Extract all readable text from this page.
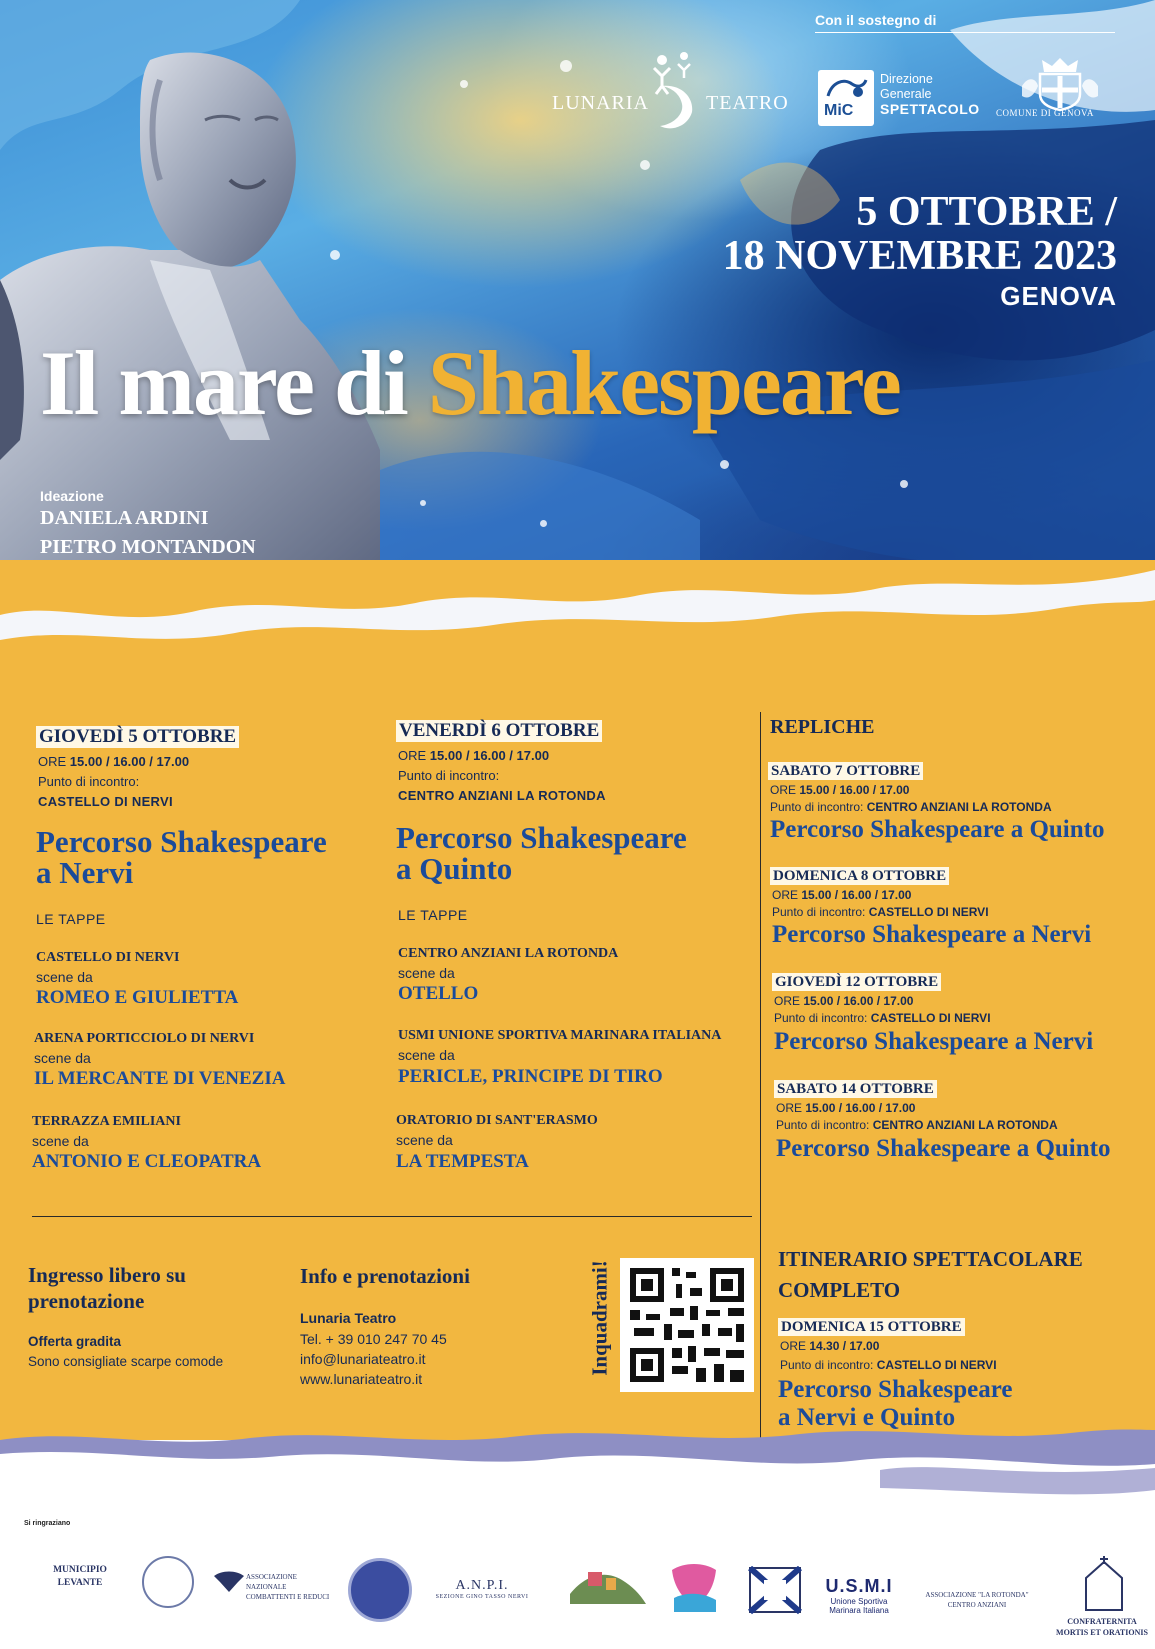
Con il sostegno di
LUNARIA	TEATRO MiC
Direzione
Generale
SPETTACOLO COMUNE DI GENOVA
5 OTTOBRE /
18 NOVEMBRE 2023
GENOVA
Il mare di Shakespeare
Ideazione
DANIELA ARDINI
PIETRO MONTANDON
GIOVEDÌ 5 OTTOBRE
ORE 15.00 / 16.00 / 17.00
Punto di incontro:
CASTELLO DI NERVI
Percorso Shakespeare
a Nervi
LE TAPPE
CASTELLO DI NERVI
scene da
ROMEO E GIULIETTA
ARENA PORTICCIOLO DI NERVI
scene da
IL MERCANTE DI VENEZIA
TERRAZZA EMILIANI
scene da
ANTONIO E CLEOPATRA
VENERDÌ 6 OTTOBRE
ORE 15.00 / 16.00 / 17.00
Punto di incontro:
CENTRO ANZIANI LA ROTONDA
Percorso Shakespeare
a Quinto
LE TAPPE
CENTRO ANZIANI LA ROTONDA
scene da
OTELLO
USMI UNIONE SPORTIVA MARINARA ITALIANA
scene da
PERICLE, PRINCIPE DI TIRO
ORATORIO DI SANT'ERASMO
scene da
LA TEMPESTA
REPLICHE
SABATO 7 OTTOBRE
ORE 15.00 / 16.00 / 17.00
Punto di incontro: CENTRO ANZIANI LA ROTONDA
Percorso Shakespeare a Quinto
DOMENICA 8 OTTOBRE
ORE 15.00 / 16.00 / 17.00
Punto di incontro: CASTELLO DI NERVI
Percorso Shakespeare a Nervi
GIOVEDÌ 12 OTTOBRE
ORE 15.00 / 16.00 / 17.00
Punto di incontro: CASTELLO DI NERVI
Percorso Shakespeare a Nervi
SABATO 14 OTTOBRE
ORE 15.00 / 16.00 / 17.00
Punto di incontro: CENTRO ANZIANI LA ROTONDA
Percorso Shakespeare a Quinto
ITINERARIO SPETTACOLARE
COMPLETO
DOMENICA 15 OTTOBRE
ORE 14.30 / 17.00
Punto di incontro: CASTELLO DI NERVI
Percorso Shakespeare
a Nervi e Quinto
Ingresso libero su prenotazione
Offerta gradita
Sono consigliate scarpe comode
Info e prenotazioni
Lunaria Teatro
Tel. + 39 010 247 70 45
info@lunariateatro.it
www.lunariateatro.it
Inquadrami!
Si ringraziano
MUNICIPIO
LEVANTE
ASSOCIAZIONE NAZIONALE
COMBATTENTI E REDUCI
A.N.P.I.
SEZIONE GINO TASSO NERVI
U.S.M.I
Unione Sportiva
Marinara Italiana
ASSOCIAZIONE "LA ROTONDA"
CENTRO ANZIANI
CONFRATERNITA
MORTIS ET ORATIONIS
